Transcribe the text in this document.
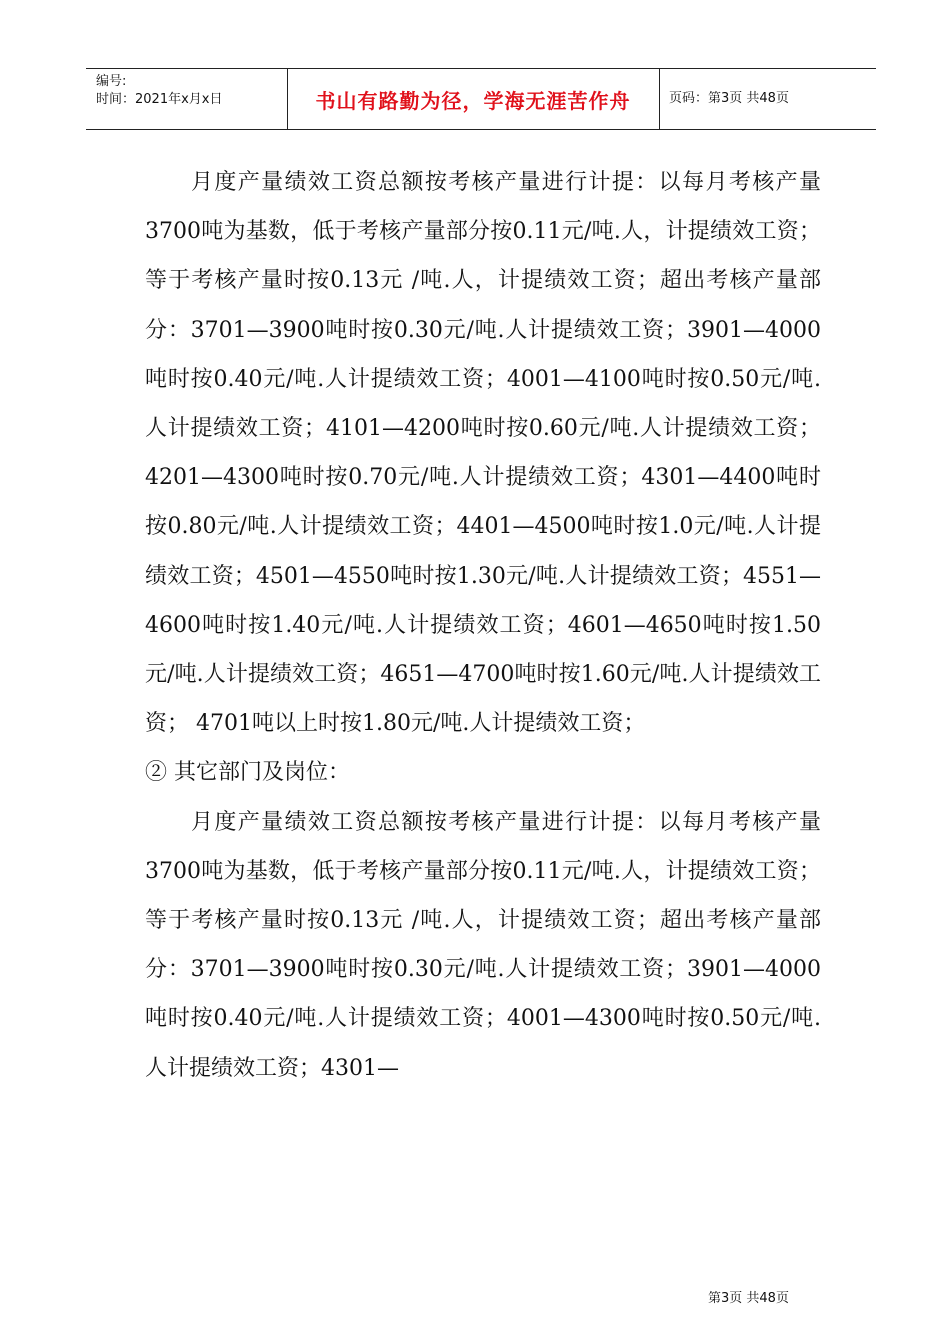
编号:
时间：2021年x月x日	书山有路勤为径，学海无涯苦作舟	页码：第3页 共48页

月度产量绩效工资总额按考核产量进行计提：以每月考核产量3700吨为基数，低于考核产量部分按0.11元/吨.人，计提绩效工资；等于考核产量时按0.13元 /吨.人，计提绩效工资；超出考核产量部分：3701—3900吨时按0.30元/吨.人计提绩效工资；3901—4000吨时按0.40元/吨.人计提绩效工资；4001—4100吨时按0.50元/吨.人计提绩效工资；4101—4200吨时按0.60元/吨.人计提绩效工资；4201—4300吨时按0.70元/吨.人计提绩效工资；4301—4400吨时按0.80元/吨.人计提绩效工资；4401—4500吨时按1.0元/吨.人计提绩效工资；4501—4550吨时按1.30元/吨.人计提绩效工资；4551—4600吨时按1.40元/吨.人计提绩效工资；4601—4650吨时按1.50元/吨.人计提绩效工资；4651—4700吨时按1.60元/吨.人计提绩效工资； 4701吨以上时按1.80元/吨.人计提绩效工资；

② 其它部门及岗位：

月度产量绩效工资总额按考核产量进行计提：以每月考核产量3700吨为基数，低于考核产量部分按0.11元/吨.人，计提绩效工资；等于考核产量时按0.13元 /吨.人，计提绩效工资；超出考核产量部分：3701—3900吨时按0.30元/吨.人计提绩效工资；3901—4000吨时按0.40元/吨.人计提绩效工资；4001—4300吨时按0.50元/吨.人计提绩效工资；4301—

第3页 共48页
